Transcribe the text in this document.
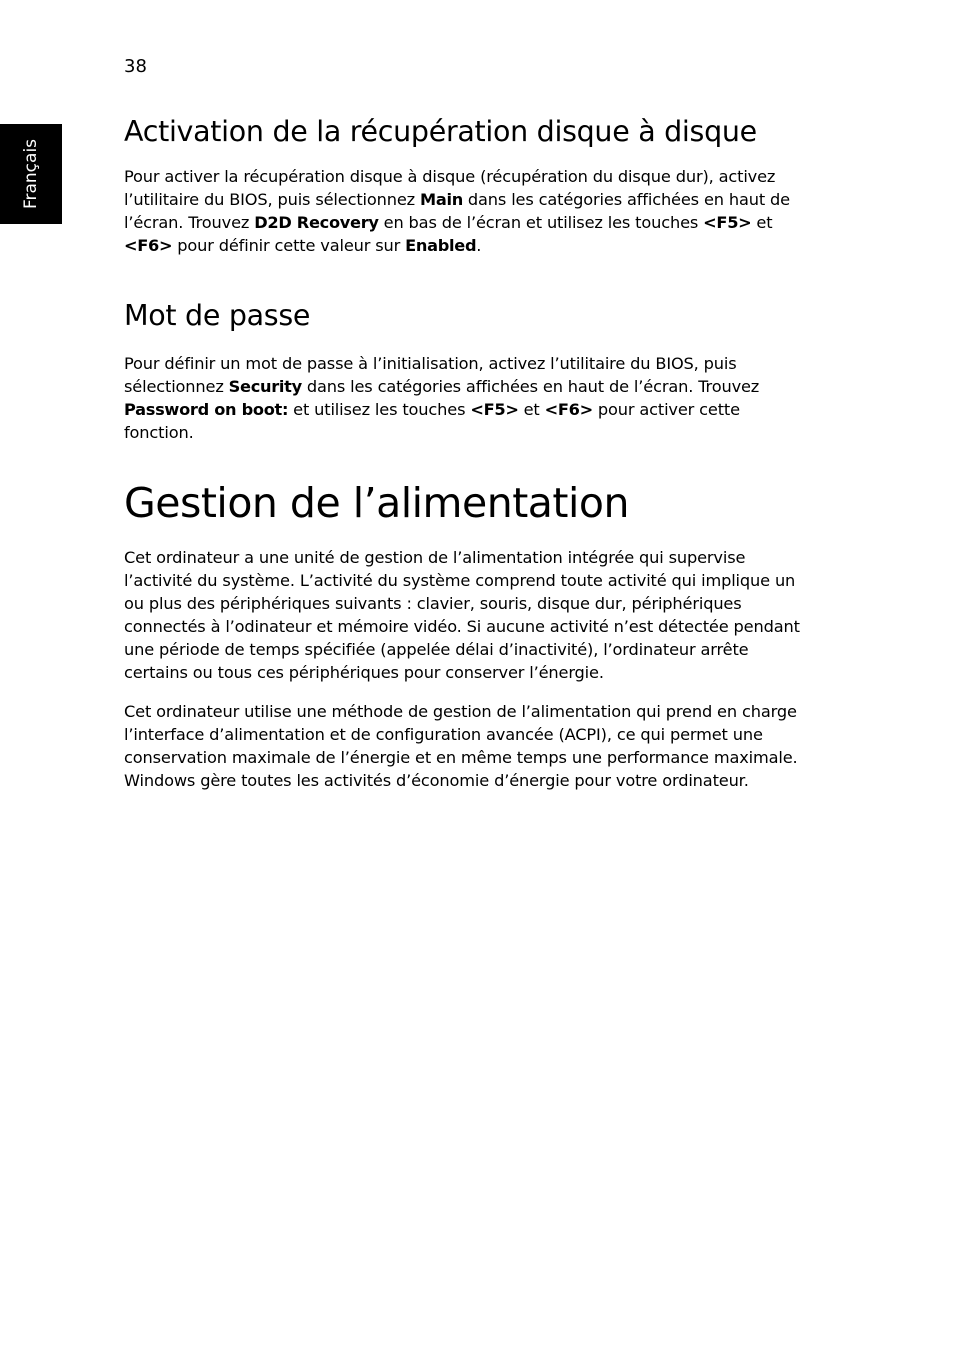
38
Français
Activation de la récupération disque à disque

Pour activer la récupération disque à disque (récupération du disque dur), activez l’utilitaire du BIOS, puis sélectionnez Main dans les catégories affichées en haut de l’écran. Trouvez D2D Recovery en bas de l’écran et utilisez les touches <F5> et <F6> pour définir cette valeur sur Enabled.

Mot de passe

Pour définir un mot de passe à l’initialisation, activez l’utilitaire du BIOS, puis sélectionnez Security dans les catégories affichées en haut de l’écran. Trouvez Password on boot: et utilisez les touches <F5> et <F6> pour activer cette fonction.

Gestion de l’alimentation

Cet ordinateur a une unité de gestion de l’alimentation intégrée qui supervise l’activité du système. L’activité du système comprend toute activité qui implique un ou plus des périphériques suivants : clavier, souris, disque dur, périphériques connectés à l’odinateur et mémoire vidéo. Si aucune activité n’est détectée pendant une période de temps spécifiée (appelée délai d’inactivité), l’ordinateur arrête certains ou tous ces périphériques pour conserver l’énergie.

Cet ordinateur utilise une méthode de gestion de l’alimentation qui prend en charge l’interface d’alimentation et de configuration avancée (ACPI), ce qui permet une conservation maximale de l’énergie et en même temps une performance maximale. Windows gère toutes les activités d’économie d’énergie pour votre ordinateur.
